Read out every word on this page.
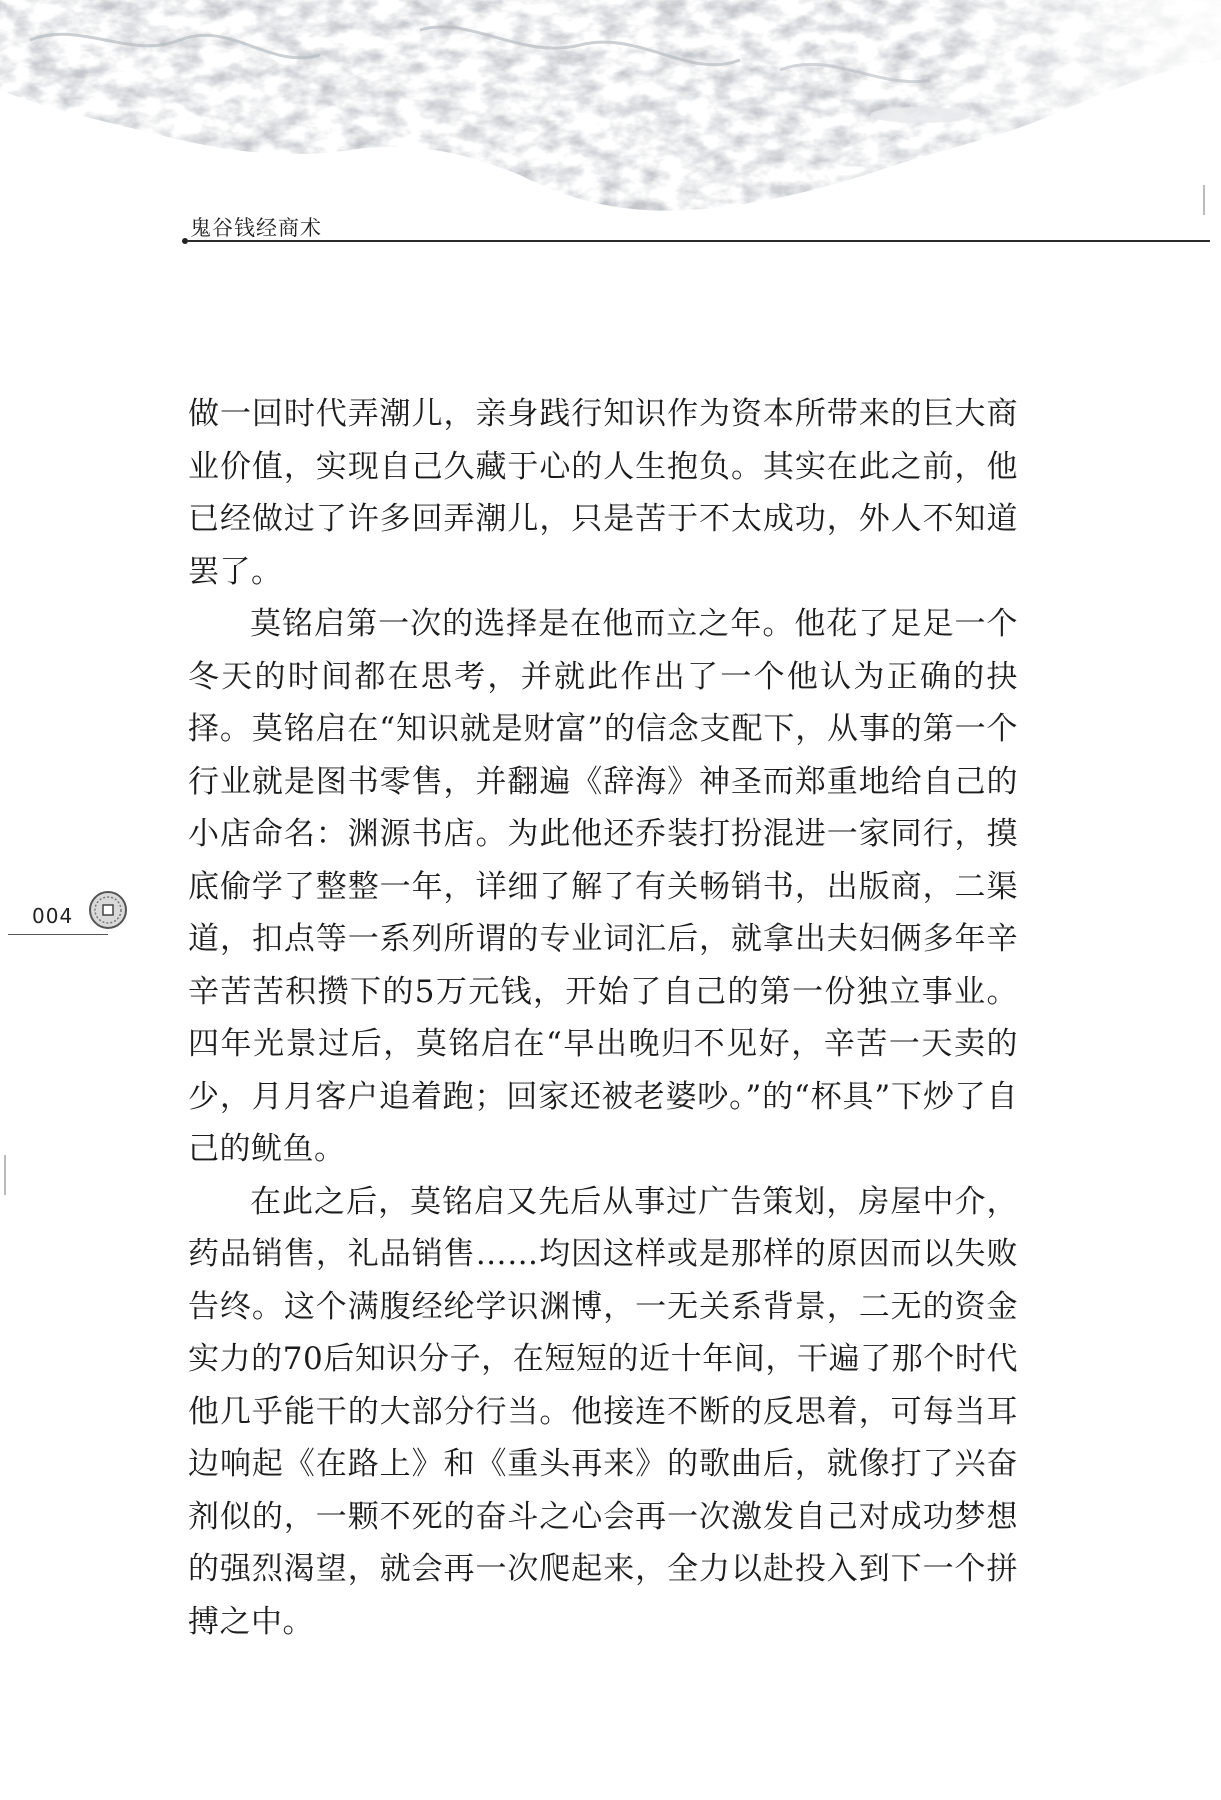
鬼谷钱经商术

做一回时代弄潮儿，亲身践行知识作为资本所带来的巨大商业价值，实现自己久藏于心的人生抱负。其实在此之前，他已经做过了许多回弄潮儿，只是苦于不太成功，外人不知道罢了。

莫铭启第一次的选择是在他而立之年。他花了足足一个冬天的时间都在思考，并就此作出了一个他认为正确的抉择。莫铭启在“知识就是财富”的信念支配下，从事的第一个行业就是图书零售，并翻遍《辞海》神圣而郑重地给自己的小店命名：渊源书店。为此他还乔装打扮混进一家同行，摸底偷学了整整一年，详细了解了有关畅销书，出版商，二渠道，扣点等一系列所谓的专业词汇后，就拿出夫妇俩多年辛辛苦苦积攒下的5万元钱，开始了自己的第一份独立事业。四年光景过后，莫铭启在“早出晚归不见好，辛苦一天卖的少，月月客户追着跑；回家还被老婆吵。”的“杯具”下炒了自己的鱿鱼。

在此之后，莫铭启又先后从事过广告策划，房屋中介，药品销售，礼品销售……均因这样或是那样的原因而以失败告终。这个满腹经纶学识渊博，一无关系背景，二无的资金实力的70后知识分子，在短短的近十年间，干遍了那个时代他几乎能干的大部分行当。他接连不断的反思着，可每当耳边响起《在路上》和《重头再来》的歌曲后，就像打了兴奋剂似的，一颗不死的奋斗之心会再一次激发自己对成功梦想的强烈渴望，就会再一次爬起来，全力以赴投入到下一个拼搏之中。

004
